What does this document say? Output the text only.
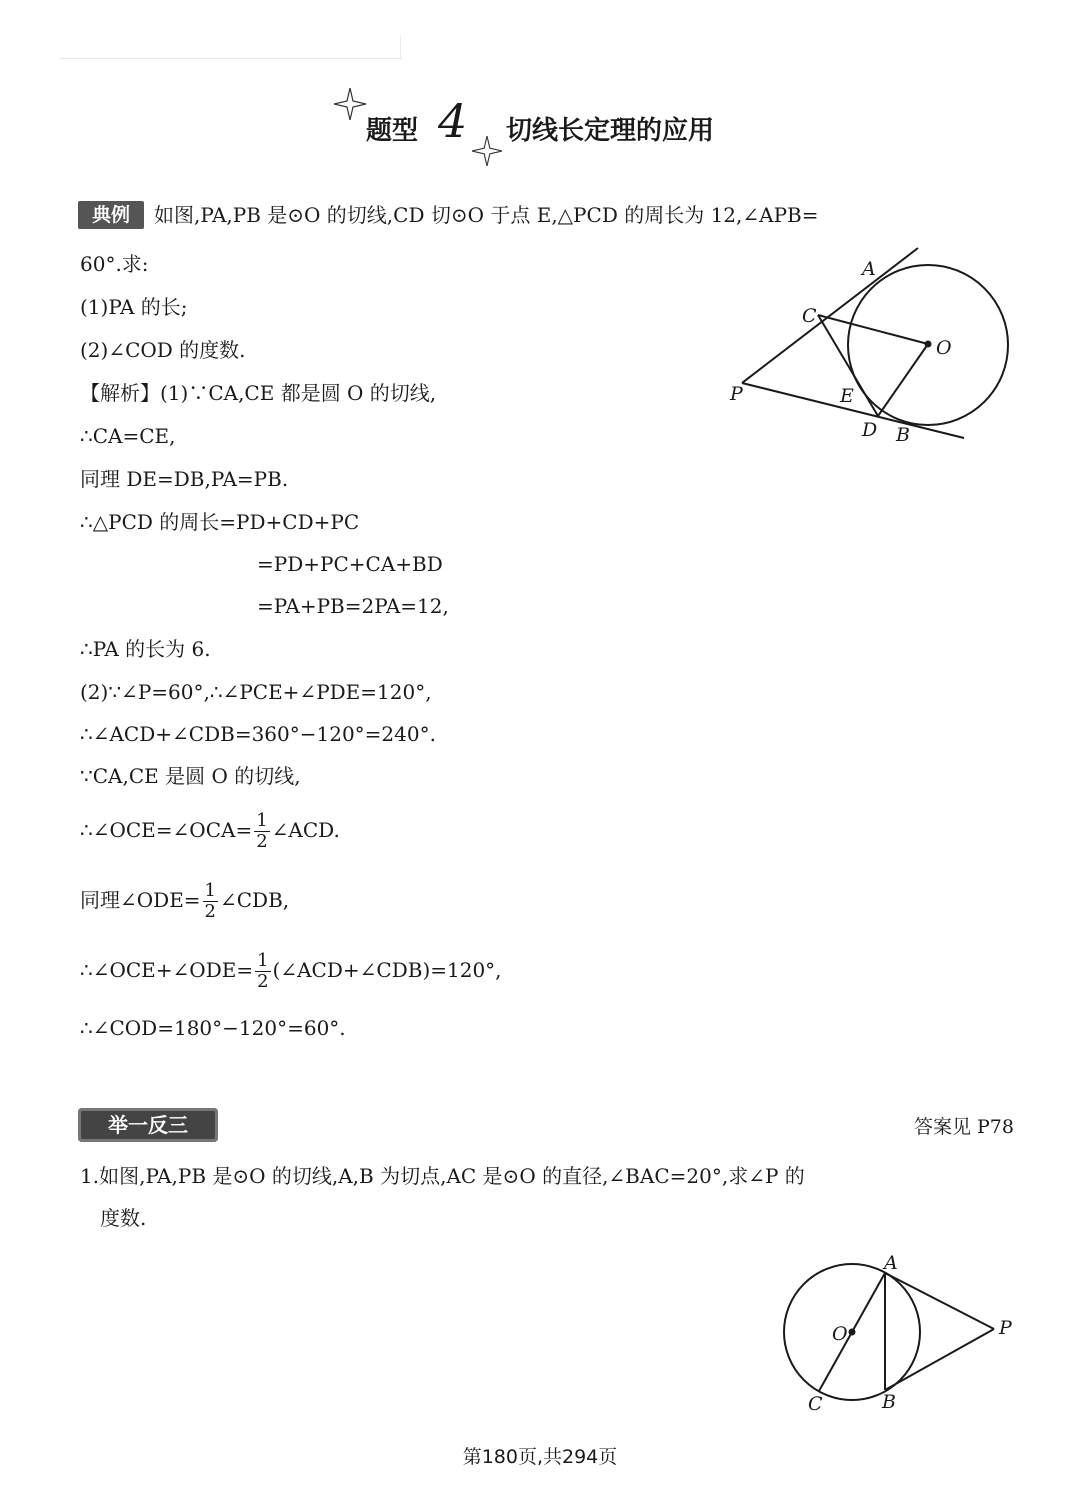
题型 4 切线长定理的应用
典例	如图,PA,PB 是⊙O 的切线,CD 切⊙O 于点 E,△PCD 的周长为 12,∠APB=
60°.求:
(1)PA 的长;
(2)∠COD 的度数.
A
C
O
P	E
D B
【解析】(1)∵CA,CE 都是圆 O 的切线,
∴CA=CE,
同理 DE=DB,PA=PB.
∴△PCD 的周长=PD+CD+PC
=PD+PC+CA+BD
=PA+PB=2PA=12,
∴PA 的长为 6.
(2)∵∠P=60°,∴∠PCE+∠PDE=120°,
∴∠ACD+∠CDB=360°−120°=240°.
∵CA,CE 是圆 O 的切线,
∴∠OCE=∠OCA= $\frac{1}{2}$ ∠ACD.
同理∠ODE= $\frac{1}{2}$ ∠CDB,
∴∠OCE+∠ODE= $\frac{1}{2}$ (∠ACD+∠CDB)=120°,
∴∠COD=180°−120°=60°.
举一反三	答案见 P78
1.如图,PA,PB 是⊙O 的切线,A,B 为切点,AC 是⊙O 的直径,∠BAC=20°,求∠P 的
度数.
A
O	P
C	B
第180页,共294页
